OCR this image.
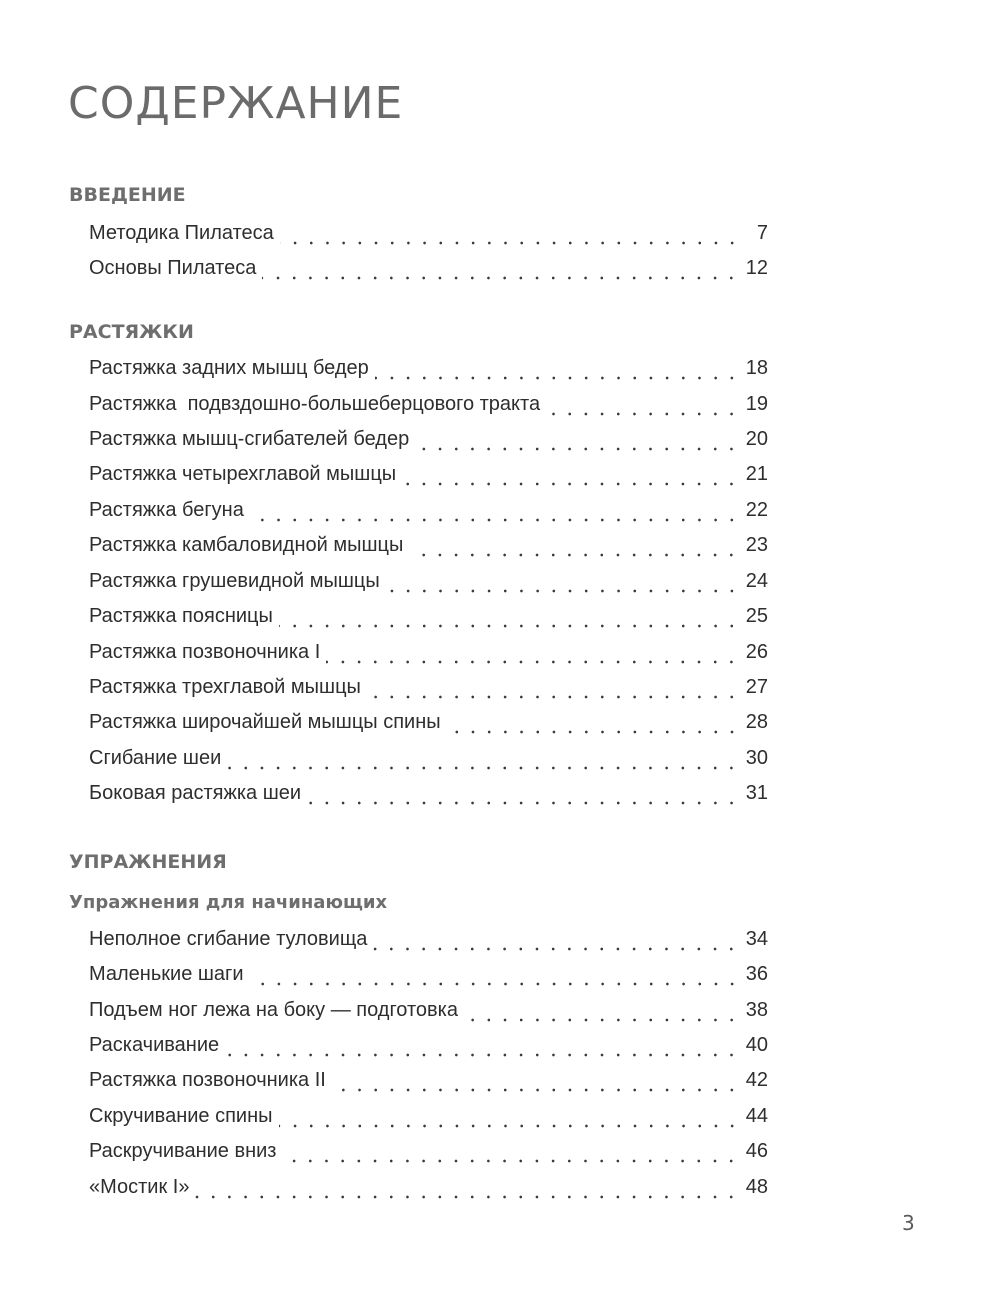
СОДЕРЖАНИЕ
ВВЕДЕНИЕ
Методика Пилатеса	7
Основы Пилатеса	12
РАСТЯЖКИ
Растяжка задних мышц бедер	18
Растяжка  подвздошно-большеберцового тракта	19
Растяжка мышц-сгибателей бедер	20
Растяжка четырехглавой мышцы	21
Растяжка бегуна	22
Растяжка камбаловидной мышцы	23
Растяжка грушевидной мышцы	24
Растяжка поясницы	25
Растяжка позвоночника I	26
Растяжка трехглавой мышцы	27
Растяжка широчайшей мышцы спины	28
Сгибание шеи	30
Боковая растяжка шеи	31
УПРАЖНЕНИЯ
Упражнения для начинающих
Неполное сгибание туловища	34
Маленькие шаги	36
Подъем ног лежа на боку — подготовка	38
Раскачивание	40
Растяжка позвоночника II	42
Скручивание спины	44
Раскручивание вниз	46
«Мостик I»	48
3
